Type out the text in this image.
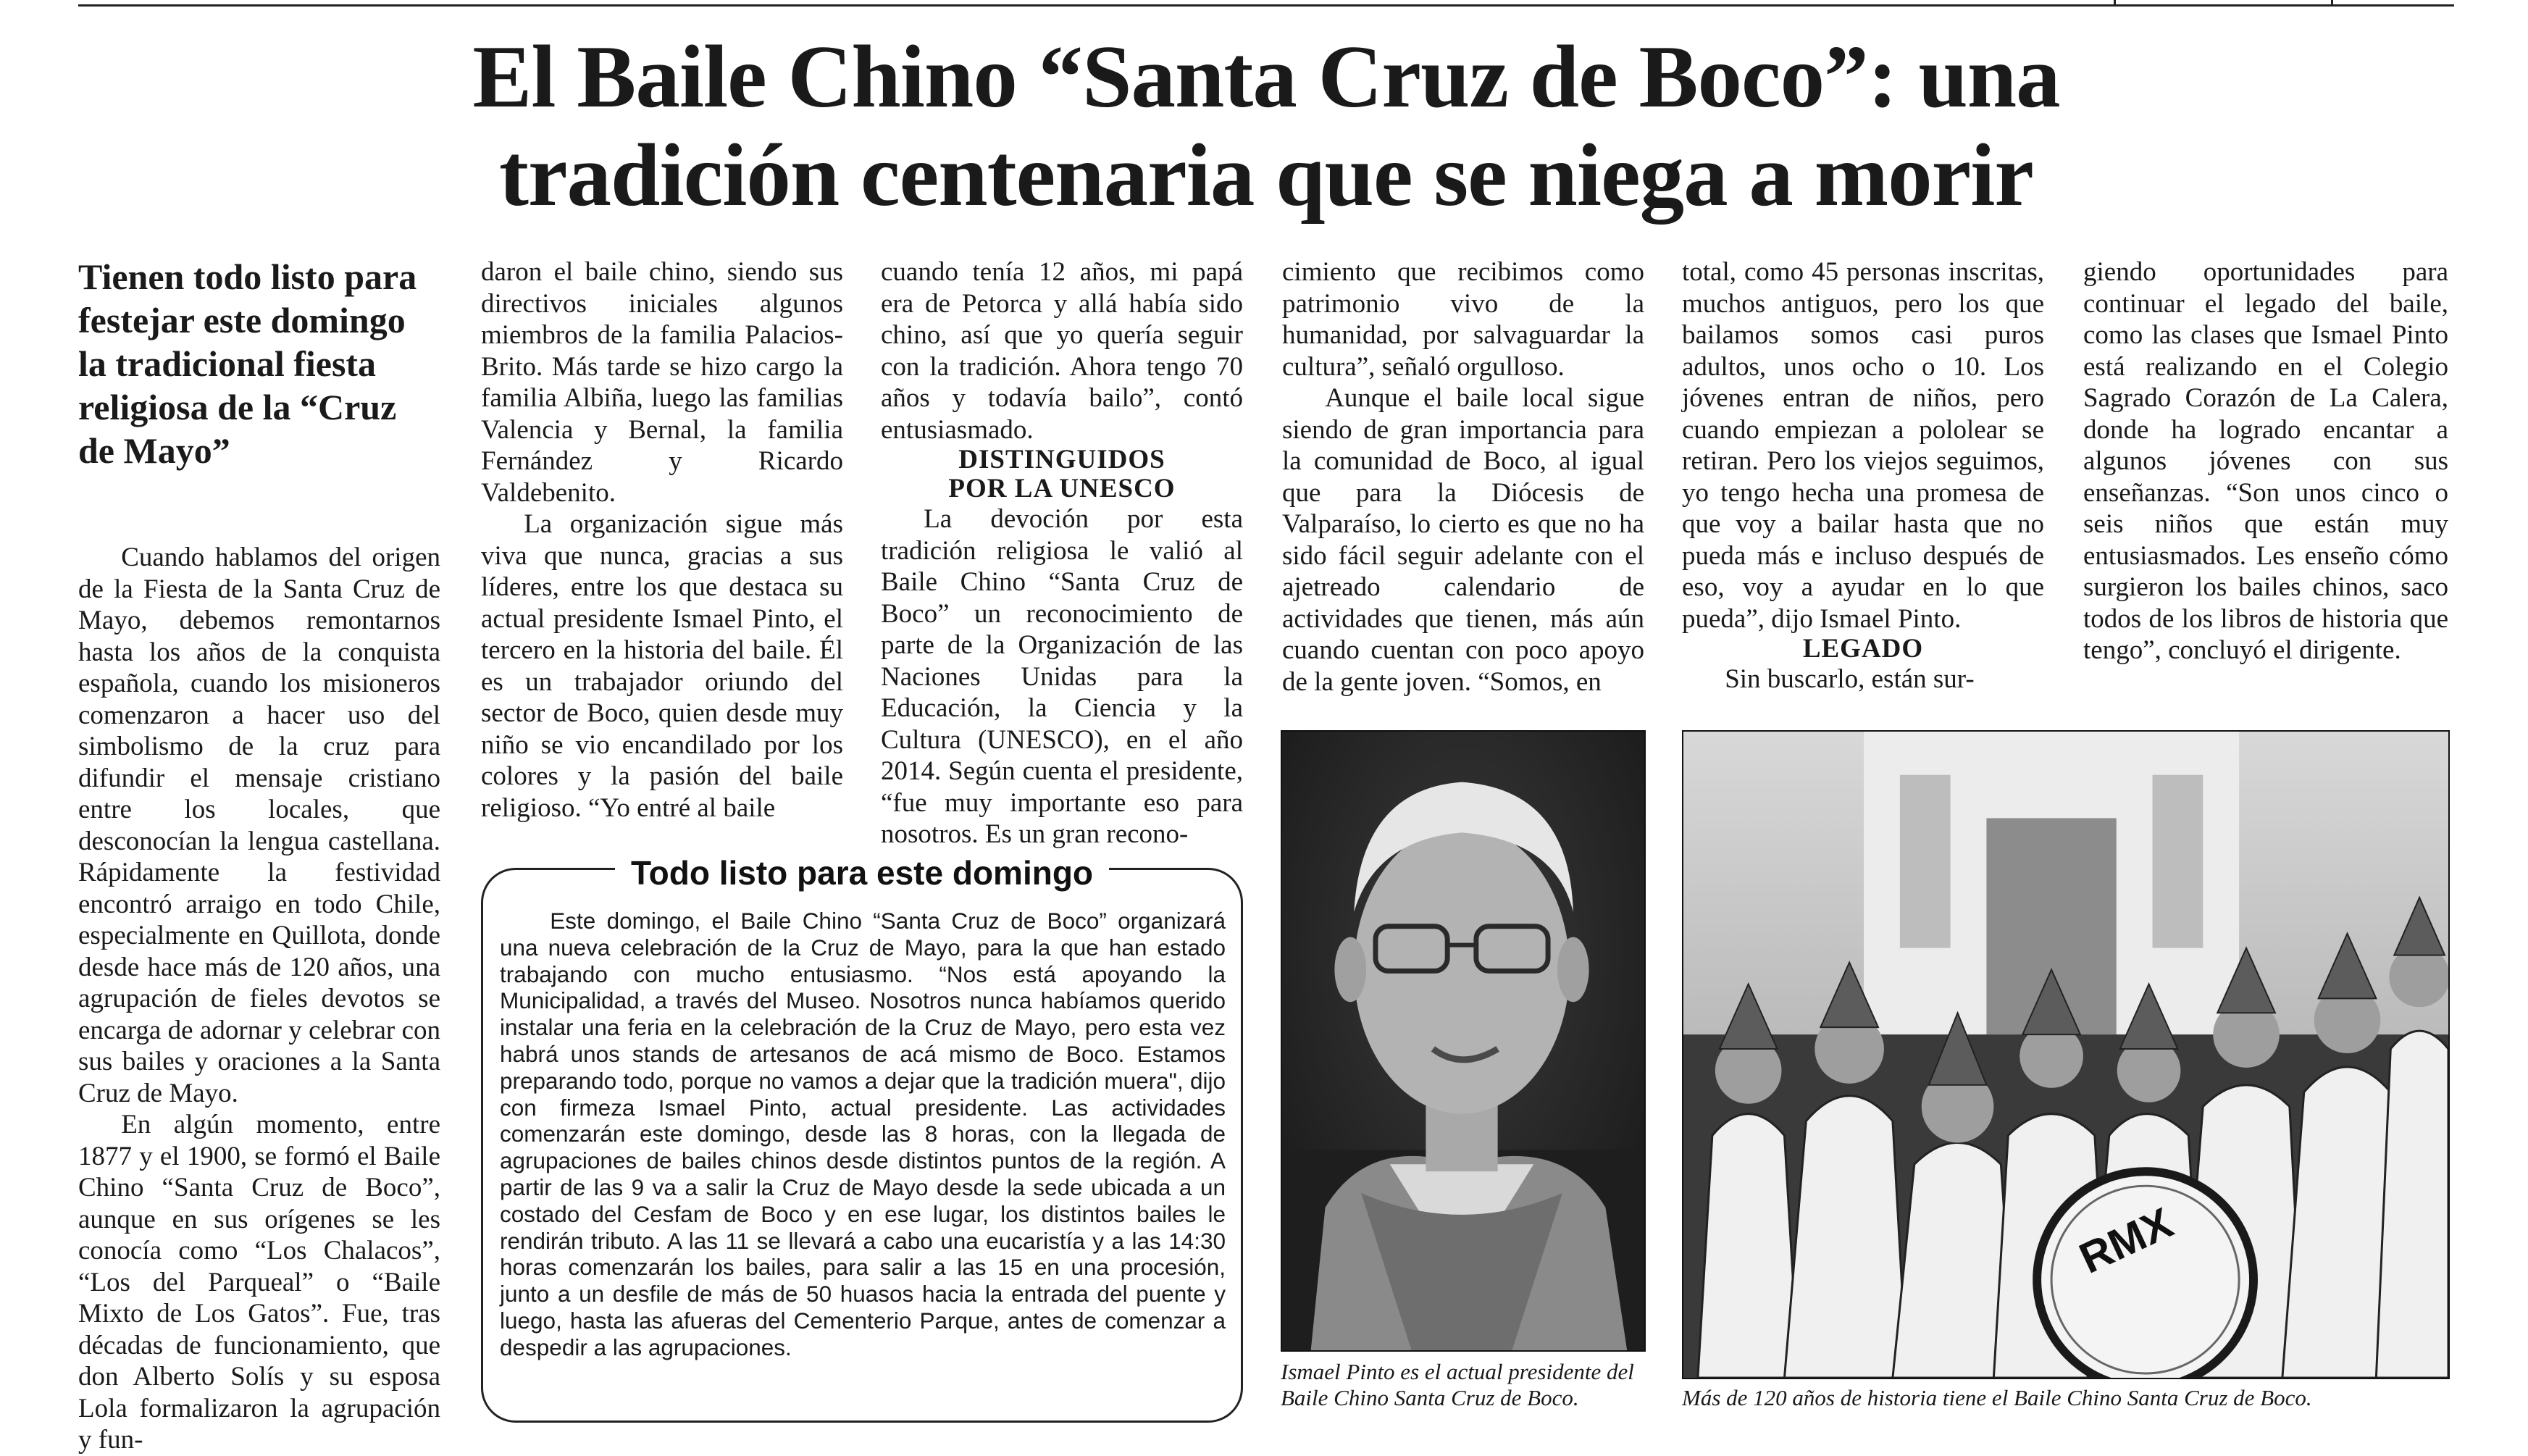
El Baile Chino “Santa Cruz de Boco”: una
tradición centenaria que se niega a morir
Tienen todo listo para festejar este domingo la tradicional fiesta religiosa de la “Cruz de Mayo”

Cuando hablamos del origen de la Fiesta de la Santa Cruz de Mayo, debemos remontarnos hasta los años de la conquista española, cuando los misioneros comenzaron a hacer uso del simbolismo de la cruz para difundir el mensaje cristiano entre los locales, que desconocían la lengua castellana. Rápidamente la festividad encontró arraigo en todo Chile, especialmente en Quillota, donde desde hace más de 120 años, una agrupación de fieles devotos se encarga de adornar y celebrar con sus bailes y oraciones a la Santa Cruz de Mayo.

En algún momento, entre 1877 y el 1900, se formó el Baile Chino “Santa Cruz de Boco”, aunque en sus orígenes se les conocía como “Los Chalacos”, “Los del Parqueal” o “Baile Mixto de Los Gatos”. Fue, tras décadas de funcionamiento, que don Alberto Solís y su esposa Lola formalizaron la agrupación y fun-

daron el baile chino, siendo sus directivos iniciales algunos miembros de la familia Palacios-Brito. Más tarde se hizo cargo la familia Albiña, luego las familias Valencia y Bernal, la familia Fernández y Ricardo Valdebenito.

La organización sigue más viva que nunca, gracias a sus líderes, entre los que destaca su actual presidente Ismael Pinto, el tercero en la historia del baile. Él es un trabajador oriundo del sector de Boco, quien desde muy niño se vio encandilado por los colores y la pasión del baile religioso. “Yo entré al baile

cuando tenía 12 años, mi papá era de Petorca y allá había sido chino, así que yo quería seguir con la tradición. Ahora tengo 70 años y todavía bailo”, contó entusiasmado.

DISTINGUIDOS

POR LA UNESCO

La devoción por esta tradición religiosa le valió al Baile Chino “Santa Cruz de Boco” un reconocimiento de parte de la Organización de las Naciones Unidas para la Educación, la Ciencia y la Cultura (UNESCO), en el año 2014. Según cuenta el presidente, “fue muy importante eso para nosotros. Es un gran recono-

cimiento que recibimos como patrimonio vivo de la humanidad, por salvaguardar la cultura”, señaló orgulloso.

Aunque el baile local sigue siendo de gran importancia para la comunidad de Boco, al igual que para la Diócesis de Valparaíso, lo cierto es que no ha sido fácil seguir adelante con el ajetreado calendario de actividades que tienen, más aún cuando cuentan con poco apoyo de la gente joven. “Somos, en

total, como 45 personas inscritas, muchos antiguos, pero los que bailamos somos casi puros adultos, unos ocho o 10. Los jóvenes entran de niños, pero cuando empiezan a pololear se retiran. Pero los viejos seguimos, yo tengo hecha una promesa de que voy a bailar hasta que no pueda más e incluso después de eso, voy a ayudar en lo que pueda”, dijo Ismael Pinto.

LEGADO

Sin buscarlo, están sur-

giendo oportunidades para continuar el legado del baile, como las clases que Ismael Pinto está realizando en el Colegio Sagrado Corazón de La Calera, donde ha logrado encantar a algunos jóvenes con sus enseñanzas. “Son unos cinco o seis niños que están muy entusiasmados. Les enseño cómo surgieron los bailes chinos, saco todos de los libros de historia que tengo”, concluyó el dirigente.

Todo listo para este domingo

Este domingo, el Baile Chino “Santa Cruz de Boco” organizará una nueva celebración de la Cruz de Mayo, para la que han estado trabajando con mucho entusiasmo. “Nos está apoyando la Municipalidad, a través del Museo. Nosotros nunca habíamos querido instalar una feria en la celebración de la Cruz de Mayo, pero esta vez habrá unos stands de artesanos de acá mismo de Boco. Estamos preparando todo, porque no vamos a dejar que la tradición muera", dijo con firmeza Ismael Pinto, actual presidente. Las actividades comenzarán este domingo, desde las 8 horas, con la llegada de agrupaciones de bailes chinos desde distintos puntos de la región. A partir de las 9 va a salir la Cruz de Mayo desde la sede ubicada a un costado del Cesfam de Boco y en ese lugar, los distintos bailes le rendirán tributo. A las 11 se llevará a cabo una eucaristía y a las 14:30 horas comenzarán los bailes, para salir a las 15 en una procesión, junto a un desfile de más de 50 huasos hacia la entrada del puente y luego, hasta las afueras del Cementerio Parque, antes de comenzar a despedir a las agrupaciones.

Ismael Pinto es el actual presidente del Baile Chino Santa Cruz de Boco.
RMX
Más de 120 años de historia tiene el Baile Chino Santa Cruz de Boco.
